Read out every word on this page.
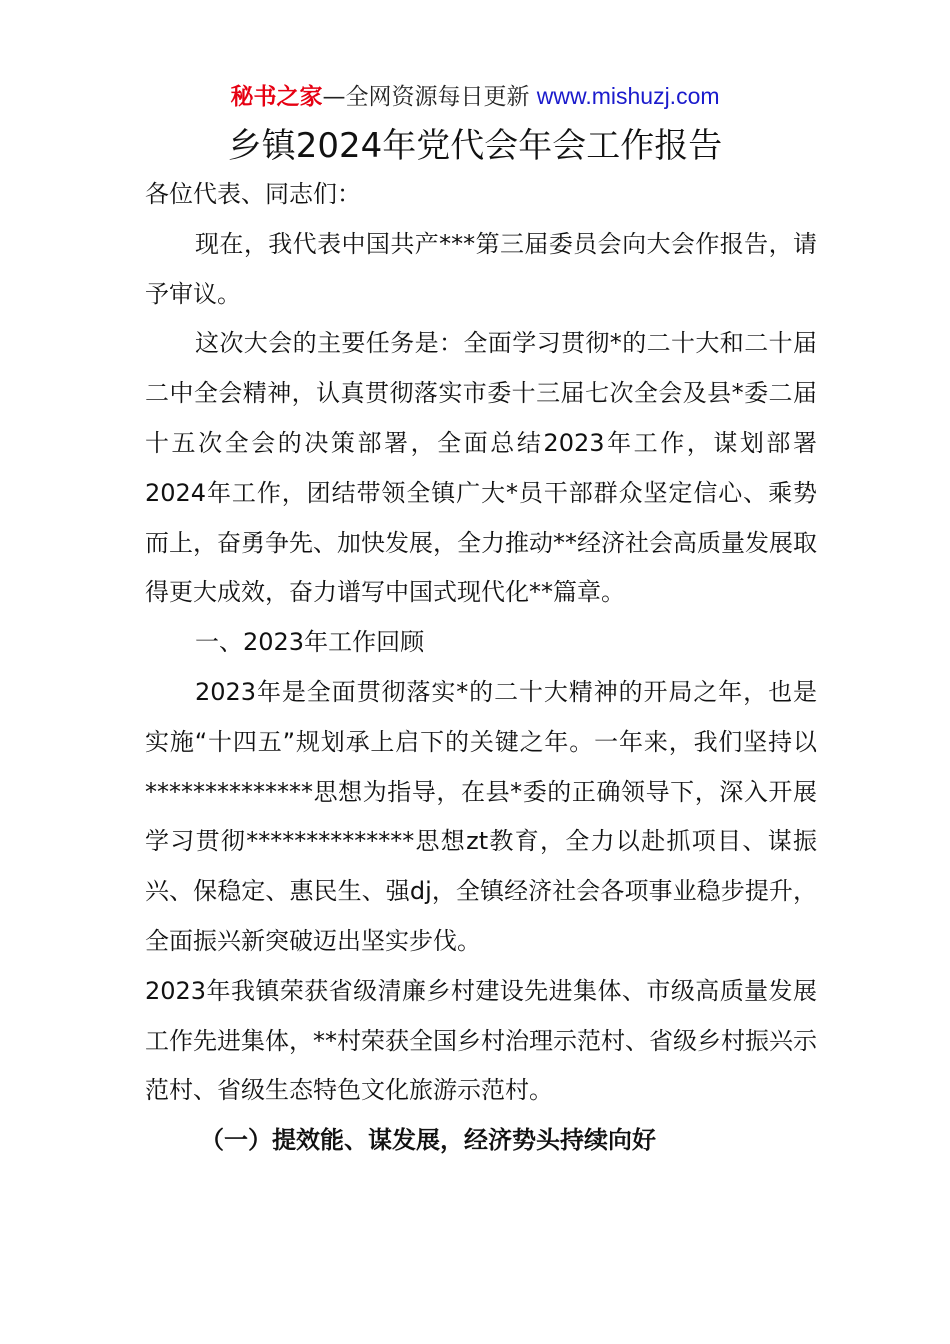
秘书之家—全网资源每日更新 www.mishuzj.com
乡镇2024年党代会年会工作报告

各位代表、同志们：

现在，我代表中国共产***第三届委员会向大会作报告，请予审议。

这次大会的主要任务是：全面学习贯彻*的二十大和二十届二中全会精神，认真贯彻落实市委十三届七次全会及县*委二届十五次全会的决策部署，全面总结2023年工作，谋划部署2024年工作，团结带领全镇广大*员干部群众坚定信心、乘势而上，奋勇争先、加快发展，全力推动**经济社会高质量发展取得更大成效，奋力谱写中国式现代化**篇章。

一、2023年工作回顾

2023年是全面贯彻落实*的二十大精神的开局之年，也是实施“十四五”规划承上启下的关键之年。一年来，我们坚持以**************思想为指导，在县*委的正确领导下，深入开展学习贯彻**************思想zt教育，全力以赴抓项目、谋振兴、保稳定、惠民生、强dj，全镇经济社会各项事业稳步提升，全面振兴新突破迈出坚实步伐。

2023年我镇荣获省级清廉乡村建设先进集体、市级高质量发展工作先进集体，**村荣获全国乡村治理示范村、省级乡村振兴示范村、省级生态特色文化旅游示范村。

（一）提效能、谋发展，经济势头持续向好
